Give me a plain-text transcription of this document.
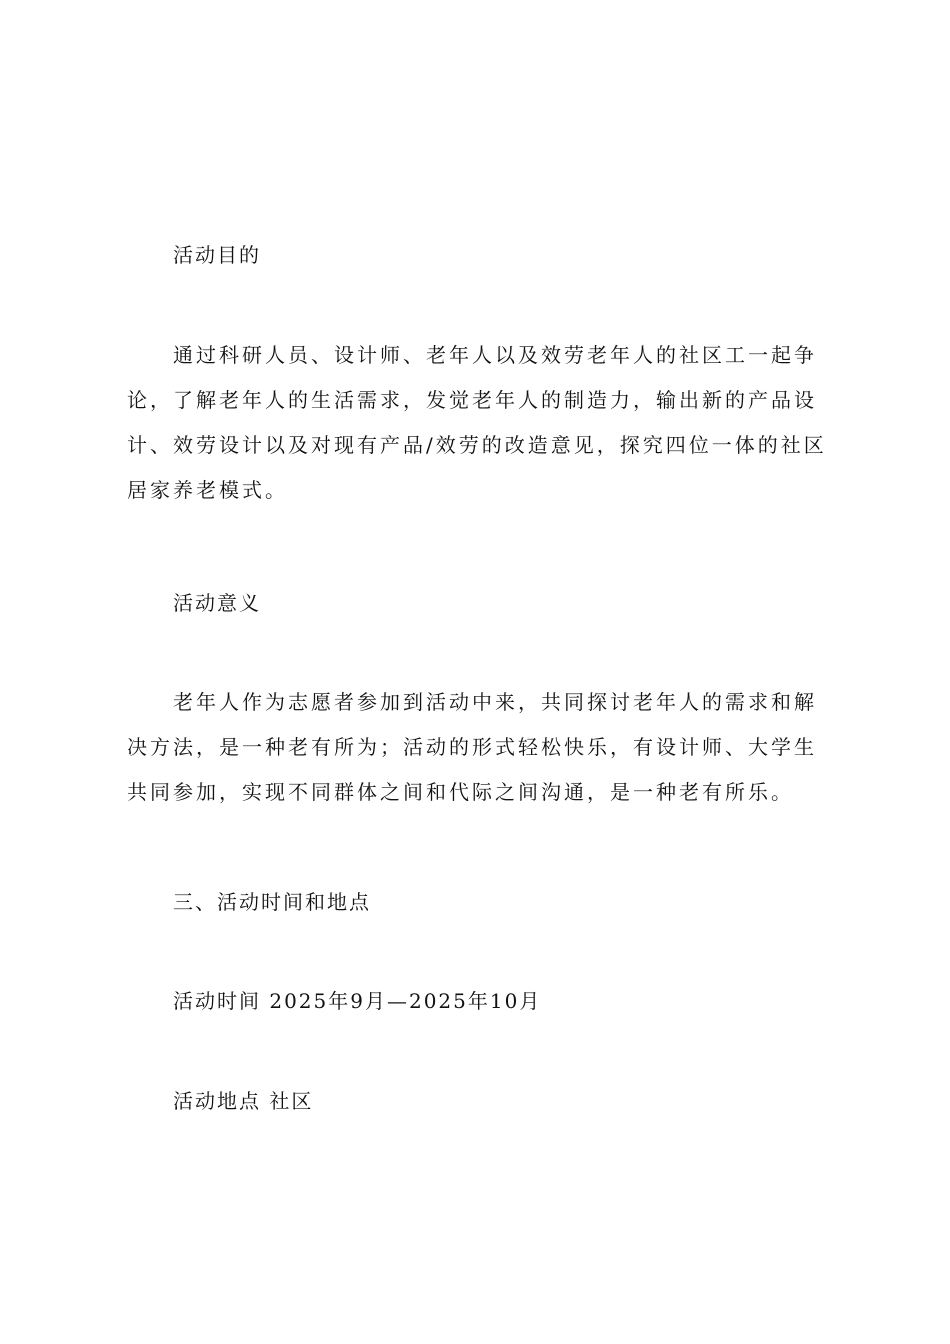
活动目的

通过科研人员、设计师、老年人以及效劳老年人的社区工一起争论，了解老年人的生活需求，发觉老年人的制造力，输出新的产品设计、效劳设计以及对现有产品/效劳的改造意见，探究四位一体的社区居家养老模式。

活动意义

老年人作为志愿者参加到活动中来，共同探讨老年人的需求和解决方法，是一种老有所为；活动的形式轻松快乐，有设计师、大学生共同参加，实现不同群体之间和代际之间沟通，是一种老有所乐。

三、活动时间和地点

活动时间 2025年9月—2025年10月

活动地点 社区
